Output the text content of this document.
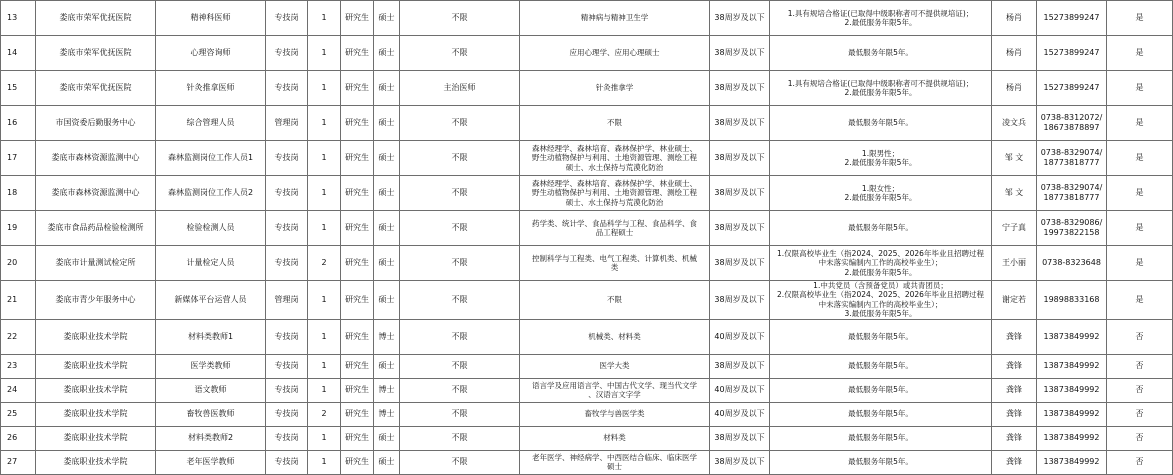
13	娄底市荣军优抚医院	精神科医师	专技岗	1	研究生	硕士	不限	精神病与精神卫生学	38周岁及以下	1.具有规培合格证(已取得中级职称者可不提供规培证)；
2.最低服务年限5年。	杨肖	15273899247	是
14	娄底市荣军优抚医院	心理咨询师	专技岗	1	研究生	硕士	不限	应用心理学、应用心理硕士	38周岁及以下	最低服务年限5年。	杨肖	15273899247	是
15	娄底市荣军优抚医院	针灸推拿医师	专技岗	1	研究生	硕士	主治医师	针灸推拿学	38周岁及以下	1.具有规培合格证(已取得中级职称者可不提供规培证)；
2.最低服务年限5年。	杨肖	15273899247	是
16	市国资委后勤服务中心	综合管理人员	管理岗	1	研究生	硕士	不限	不限	38周岁及以下	最低服务年限5年。	凌文兵	0738-8312072/
18673878897	是
17	娄底市森林资源监测中心	森林监测岗位工作人员1	专技岗	1	研究生	硕士	不限	森林经理学、森林培育、森林保护学、林业硕士、
野生动植物保护与利用、土地资源管理、测绘工程
硕士、水土保持与荒漠化防治	38周岁及以下	1.限男性；
2.最低服务年限5年。	邹 文	0738-8329074/
18773818777	是
18	娄底市森林资源监测中心	森林监测岗位工作人员2	专技岗	1	研究生	硕士	不限	森林经理学、森林培育、森林保护学、林业硕士、
野生动植物保护与利用、土地资源管理、测绘工程
硕士、水土保持与荒漠化防治	38周岁及以下	1.限女性；
2.最低服务年限5年。	邹 文	0738-8329074/
18773818777	是
19	娄底市食品药品检验检测所	检验检测人员	专技岗	1	研究生	硕士	不限	药学类、统计学、食品科学与工程、食品科学、食
品工程硕士	38周岁及以下	最低服务年限5年。	宁子真	0738-8329086/
19973822158	是
20	娄底市计量测试检定所	计量检定人员	专技岗	2	研究生	硕士	不限	控制科学与工程类、电气工程类、计算机类、机械
类	38周岁及以下	1.仅限高校毕业生（指2024、2025、2026年毕业且招聘过程
中未落实编制内工作的高校毕业生）；
2.最低服务年限5年。	王小丽	0738-8323648	是
21	娄底市青少年服务中心	新媒体平台运营人员	管理岗	1	研究生	硕士	不限	不限	38周岁及以下	1.中共党员（含预备党员）或共青团员；
2.仅限高校毕业生（指2024、2025、2026年毕业且招聘过程
中未落实编制内工作的高校毕业生）；
3.最低服务年限5年。	谢定若	19898833168	是
22	娄底职业技术学院	材料类教师1	专技岗	1	研究生	博士	不限	机械类、材料类	40周岁及以下	最低服务年限5年。	龚锋	13873849992	否
23	娄底职业技术学院	医学类教师	专技岗	1	研究生	硕士	不限	医学大类	38周岁及以下	最低服务年限5年。	龚锋	13873849992	否
24	娄底职业技术学院	语文教师	专技岗	1	研究生	博士	不限	语言学及应用语言学、中国古代文学、现当代文学
、汉语言文字学	40周岁及以下	最低服务年限5年。	龚锋	13873849992	否
25	娄底职业技术学院	畜牧兽医教师	专技岗	2	研究生	博士	不限	畜牧学与兽医学类	40周岁及以下	最低服务年限5年。	龚锋	13873849992	否
26	娄底职业技术学院	材料类教师2	专技岗	1	研究生	硕士	不限	材料类	38周岁及以下	最低服务年限5年。	龚锋	13873849992	否
27	娄底职业技术学院	老年医学教师	专技岗	1	研究生	硕士	不限	老年医学、神经病学、中西医结合临床、临床医学
硕士	38周岁及以下	最低服务年限5年。	龚锋	13873849992	否
